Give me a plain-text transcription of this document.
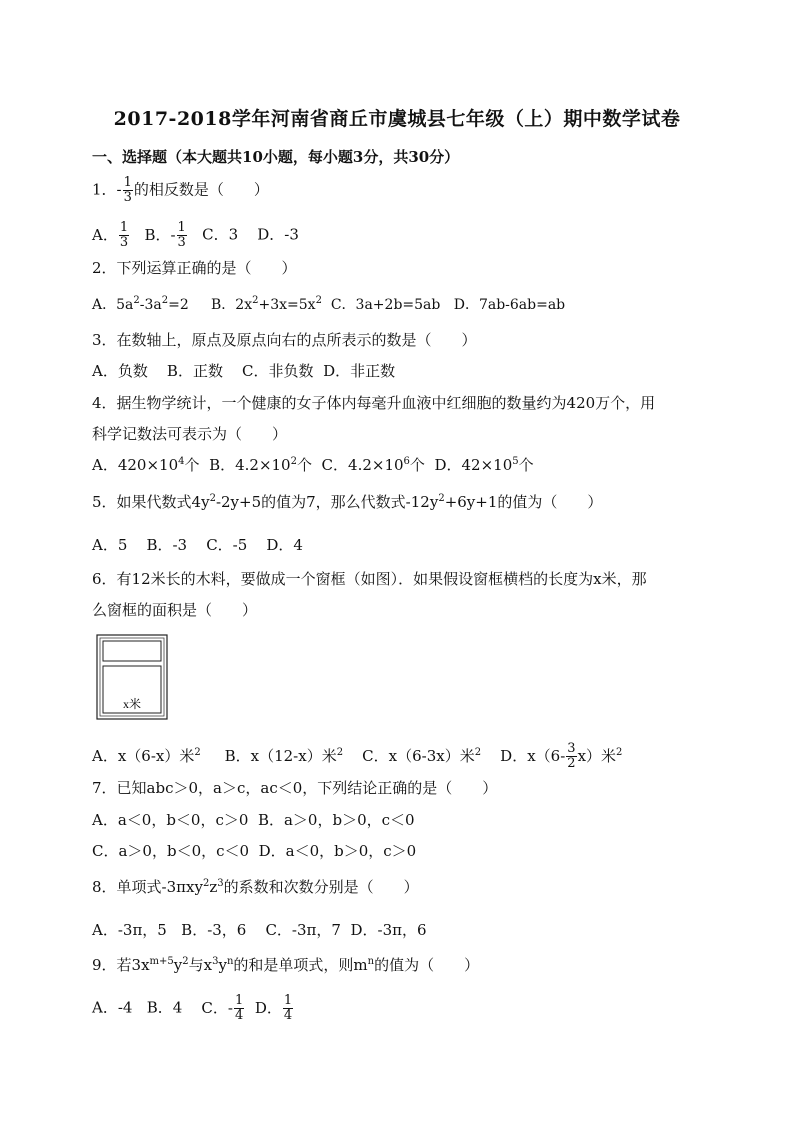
2017-2018学年河南省商丘市虞城县七年级（上）期中数学试卷
一、选择题（本大题共10小题，每小题3分，共30分）
1．- $\frac{1}{3}$ 的相反数是（　　）
A． $\frac{1}{3}$ B．- $\frac{1}{3}$ C．3 D．-3
2．下列运算正确的是（　　）
A．$5a^2-3a^2=2$ B．$2x^2+3x=5x^2$ C．3a+2b=5ab D．7ab-6ab=ab
3．在数轴上，原点及原点向右的点所表示的数是（　　）
A．负数 B．正数 C．非负数 D．非正数
4．据生物学统计，一个健康的女子体内每毫升血液中红细胞的数量约为420万个，用
科学记数法可表示为（　　）
A．$420\times 10^4$个 B．$4.2\times 10^2$个 C．$4.2\times 10^6$个 D．$42\times 10^5$个
5．如果代数式$4y^2-2y+5$的值为7，那么代数式$-12y^2+6y+1$的值为（　　）
A．5 B．-3 C．-5 D．4
6．有12米长的木料，要做成一个窗框（如图）．如果假设窗框横档的长度为x米，那
么窗框的面积是（　　）
x米
A．x（6-x）米$^2$ B．x（12-x）米$^2$ C．x（6-3x）米$^2$ D．$x(6- \frac{3}{2} x)$米$^2$
7．已知abc＞0，a＞c，ac＜0，下列结论正确的是（　　）
A．a＜0，b＜0，c＞0 B．a＞0，b＞0，c＜0
C．a＞0，b＜0，c＜0 D．a＜0，b＞0，c＞0
8．单项式$-3\pi xy^2z^3$的系数和次数分别是（　　）
A．-3π，5 B．-3，6 C．-3π，7 D．-3π，6
9．若$3x^{m+5}y^2$与$x^3y^n$的和是单项式，则$m^n$的值为（　　）
A．-4 B．4 C．- $\frac{1}{4}$ D． $\frac{1}{4}$
